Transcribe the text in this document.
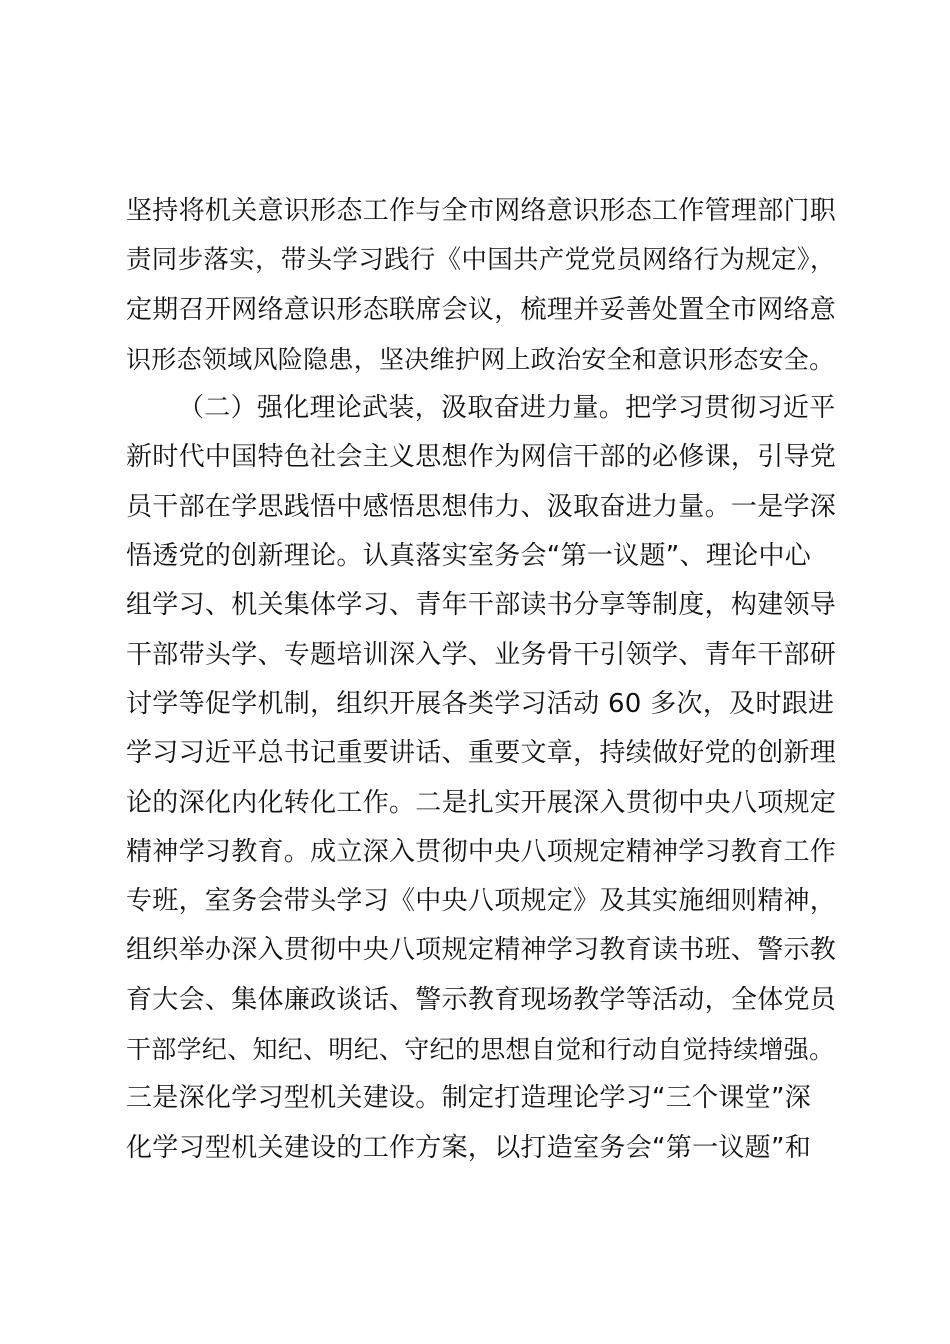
坚持将机关意识形态工作与全市网络意识形态工作管理部门职
责同步落实，带头学习践行《中国共产党党员网络行为规定》，
定期召开网络意识形态联席会议，梳理并妥善处置全市网络意
识形态领域风险隐患，坚决维护网上政治安全和意识形态安全。
（二）强化理论武装，汲取奋进力量。把学习贯彻习近平
新时代中国特色社会主义思想作为网信干部的必修课，引导党
员干部在学思践悟中感悟思想伟力、汲取奋进力量。一是学深
悟透党的创新理论。认真落实室务会“第一议题”、理论中心
组学习、机关集体学习、青年干部读书分享等制度，构建领导
干部带头学、专题培训深入学、业务骨干引领学、青年干部研
讨学等促学机制，组织开展各类学习活动 60 多次，及时跟进
学习习近平总书记重要讲话、重要文章，持续做好党的创新理
论的深化内化转化工作。二是扎实开展深入贯彻中央八项规定
精神学习教育。成立深入贯彻中央八项规定精神学习教育工作
专班，室务会带头学习《中央八项规定》及其实施细则精神，
组织举办深入贯彻中央八项规定精神学习教育读书班、警示教
育大会、集体廉政谈话、警示教育现场教学等活动，全体党员
干部学纪、知纪、明纪、守纪的思想自觉和行动自觉持续增强。
三是深化学习型机关建设。制定打造理论学习“三个课堂”深
化学习型机关建设的工作方案，以打造室务会“第一议题”和
